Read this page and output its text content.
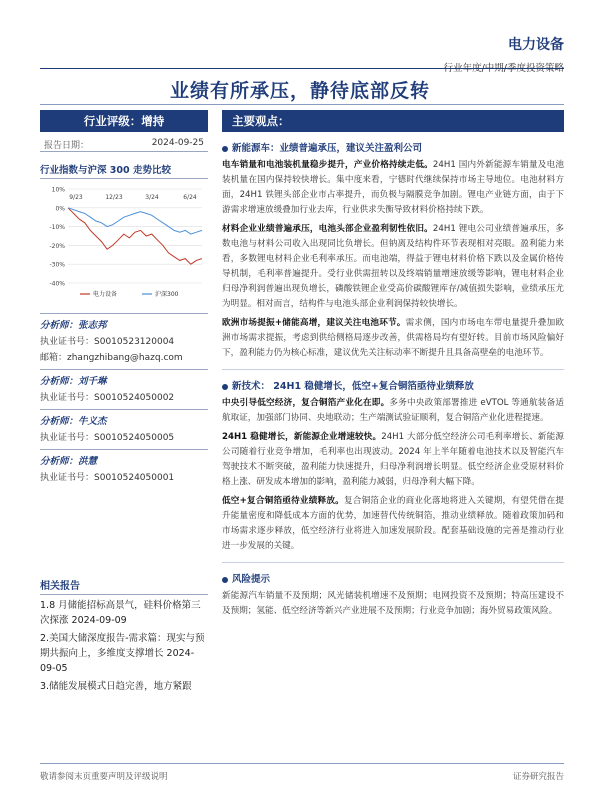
电力设备
行业年度/中期/季度投资策略
业绩有所承压，静待底部反转
行业评级：增持
报告日期：	2024-09-25
行业指数与沪深 300 走势比较
10%
0%
-10%
-20%
-30%
-40%
9/23	12/23	3/24	6/24
电力设备	沪深300
分析师：张志邦
执业证书号：S0010523120004
邮箱：zhangzhibang@hazq.com
分析师：刘千琳
执业证书号：S0010524050002
分析师：牛义杰
执业证书号：S0010524050005
分析师：洪慧
执业证书号：S0010524050001
相关报告
1.8 月储能招标高景气，硅料价格第三次探涨 2024-09-09
2.美国大储深度报告-需求篇：现实与预期共振向上，多维度支撑增长 2024-09-05
3.储能发展模式日趋完善，地方紧跟
主要观点：
新能源车：业绩普遍承压，建议关注盈利公司
电车销量和电池装机量稳步提升，产业价格持续走低。24H1 国内外新能源车销量及电池装机量在国内保持较快增长。集中度来看，宁德时代继续保持市场主导地位。电池材料方面，24H1 铁锂头部企业市占率提升，而负极与隔膜竞争加剧。锂电产业链方面，由于下游需求增速放缓叠加行业去库，行业供求失衡导致材料价格持续下跌。
材料企业业绩普遍承压，电池头部企业盈利韧性依旧。24H1 锂电公司业绩普遍承压，多数电池与材料公司收入出现同比负增长。但钠离及结构件环节表现相对亮眼。盈利能力来看，多数锂电材料企业毛利率承压。而电池端，得益于锂电材料价格下跌以及金属价格传导机制，毛利率普遍提升。受行业供需扭转以及终端销量增速放缓等影响，锂电材料企业归母净利润普遍出现负增长，磷酸铁锂企业受高价碳酸锂库存/减值损失影响，业绩承压尤为明显。相对而言，结构件与电池头部企业利润保持较快增长。
欧洲市场提振+储能高增，建议关注电池环节。需求侧，国内市场电车带电量提升叠加欧洲市场需求提振，考虑到供给侧格局逐步改善，供需格局均有望好转。目前市场风险偏好下，盈利能力仍为核心标准，建议优先关注标动率不断提升且具备高壁垒的电池环节。
新技术： 24H1 稳健增长，低空+复合铜箔亟待业绩释放
中央引导低空经济，复合铜箔产业化在即。多务中央政策部署推进 eVTOL 等通航装备适航取证，加强部门协同、央地联动；生产端测试验证顺利，复合铜箔产业化进程提速。
24H1 稳健增长，新能源企业增速较快。24H1 大部分低空经济公司毛利率增长、新能源公司随着行业竞争增加，毛利率也出现波动。2024 年上半年随着电池技术以及智能汽车驾驶技术不断突破，盈利能力快速提升，归母净利润增长明显。低空经济企业受原材料价格上涨、研发成本增加的影响，盈利能力减弱，归母净利大幅下降。
低空+复合铜箔亟待业绩释放。复合铜箔企业的商业化落地将进入关键期，有望凭借在提升能量密度和降低成本方面的优势，加速替代传统铜箔，推动业绩释放。随着政策加码和市场需求逐步释放，低空经济行业将进入加速发展阶段。配套基础设施的完善是推动行业进一步发展的关键。
风险提示
新能源汽车销量不及预期；风光储装机增速不及预期；电网投资不及预期；特高压建设不及预期；氢能、低空经济等新兴产业进展不及预期；行业竞争加剧；海外贸易政策风险。
敬请参阅末页重要声明及评级说明	证券研究报告
